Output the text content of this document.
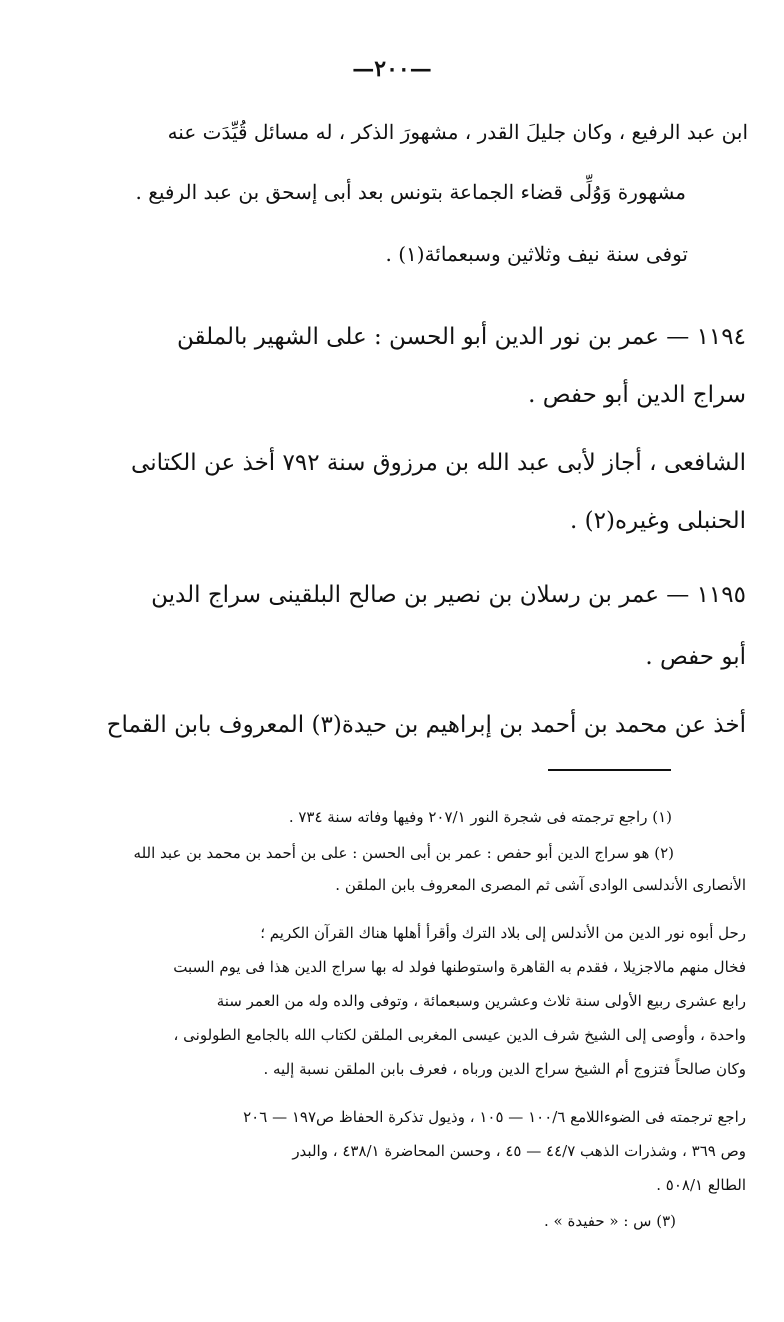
—٢٠٠—
ابن عبد الرفيع ، وكان جليلَ القدر ، مشهورَ الذكر ، له مسائل قُيِّدَت عنه
مشهورة وَوُلِّى قضاء الجماعة بتونس بعد أبى إسحق بن عبد الرفيع .
توفى سنة نيف وثلاثين وسبعمائة(١) .
١١٩٤ — عمر بن نور الدين أبو الحسن : على الشهير بالملقن
سراج الدين أبو حفص .
الشافعى ، أجاز لأبى عبد الله بن مرزوق سنة ٧٩٢ أخذ عن الكتانى
الحنبلى وغيره(٢) .
١١٩٥ — عمر بن رسلان بن نصير بن صالح البلقينى سراج الدين
أبو حفص .
أخذ عن محمد بن أحمد بن إبراهيم بن حيدة(٣) المعروف بابن القماح
(١) راجع ترجمته فى شجرة النور ٢٠٧/١ وفيها وفاته سنة ٧٣٤ .
(٢) هو سراج الدين أبو حفص : عمر بن أبى الحسن : على بن أحمد بن محمد بن عبد الله
الأنصارى الأندلسى الوادى آشى ثم المصرى المعروف بابن الملقن .
رحل أبوه نور الدين من الأندلس إلى بلاد الترك وأقرأ أهلها هناك القرآن الكريم ؛
فخال منهم مالاجزيلا ، فقدم به القاهرة واستوطنها فولد له بها سراج الدين هذا فى يوم السبت
رابع عشرى ربيع الأولى سنة ثلاث وعشرين وسبعمائة ، وتوفى والده وله من العمر سنة
واحدة ، وأوصى إلى الشيخ شرف الدين عيسى المغربى الملقن لكتاب الله بالجامع الطولونى ،
وكان صالحاً فتزوج أم الشيخ سراج الدين ورباه ، فعرف بابن الملقن نسبة إليه .
راجع ترجمته فى الضوءاللامع ١٠٠/٦ — ١٠٥ ، وذيول تذكرة الحفاظ ص١٩٧ — ٢٠٦
وص ٣٦٩ ، وشذرات الذهب ٤٤/٧ — ٤٥ ، وحسن المحاضرة ٤٣٨/١ ، والبدر
الطالع ٥٠٨/١ .
(٣) س : « حفيدة » .
